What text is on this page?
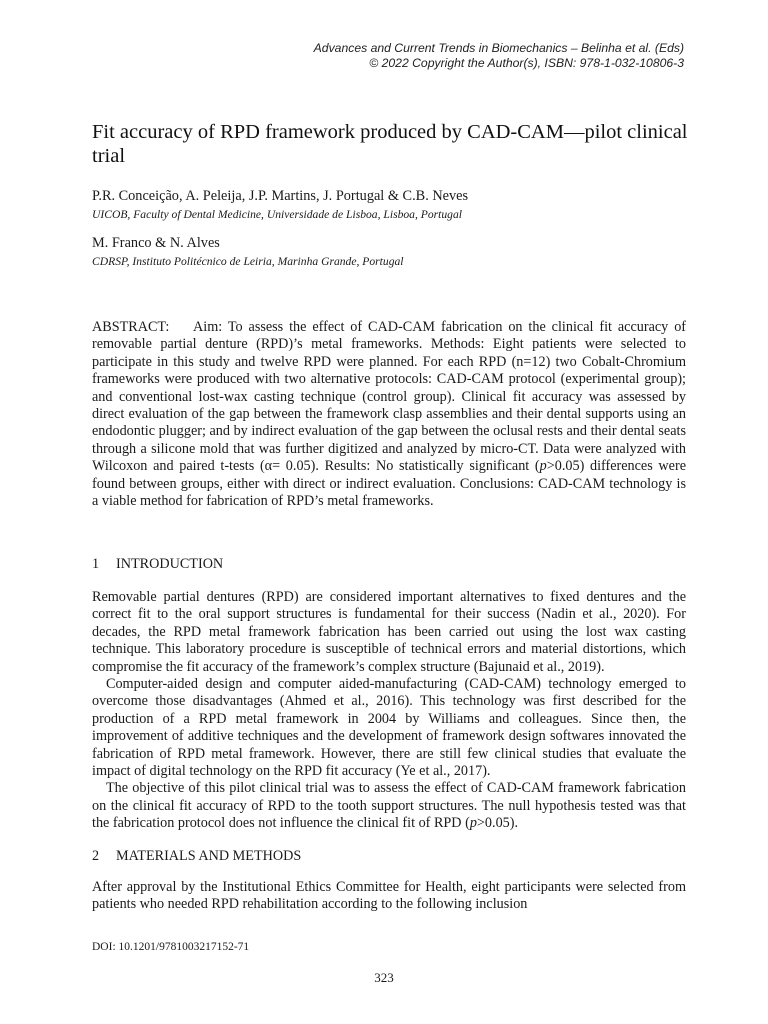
Advances and Current Trends in Biomechanics – Belinha et al. (Eds)
© 2022 Copyright the Author(s), ISBN: 978-1-032-10806-3
Fit accuracy of RPD framework produced by CAD-CAM—pilot clinical trial
P.R. Conceição, A. Peleija, J.P. Martins, J. Portugal & C.B. Neves
UICOB, Faculty of Dental Medicine, Universidade de Lisboa, Lisboa, Portugal
M. Franco & N. Alves
CDRSP, Instituto Politécnico de Leiria, Marinha Grande, Portugal

ABSTRACT: Aim: To assess the effect of CAD-CAM fabrication on the clinical fit accuracy of removable partial denture (RPD)’s metal frameworks. Methods: Eight patients were selected to participate in this study and twelve RPD were planned. For each RPD (n=12) two Cobalt-Chromium frameworks were produced with two alternative protocols: CAD-CAM protocol (experimental group); and conventional lost-wax casting technique (control group). Clinical fit accuracy was assessed by direct evaluation of the gap between the framework clasp assemblies and their dental supports using an endodontic plugger; and by indirect evaluation of the gap between the oclusal rests and their dental seats through a silicone mold that was further digitized and analyzed by micro-CT. Data were analyzed with Wilcoxon and paired t-tests (α= 0.05). Results: No statistically significant (p>0.05) differences were found between groups, either with direct or indirect evaluation. Conclusions: CAD-CAM technology is a viable method for fabrication of RPD’s metal frameworks.

1 INTRODUCTION

Removable partial dentures (RPD) are considered important alternatives to fixed dentures and the correct fit to the oral support structures is fundamental for their success (Nadin et al., 2020). For decades, the RPD metal framework fabrication has been carried out using the lost wax casting technique. This laboratory procedure is susceptible of technical errors and material distortions, which compromise the fit accuracy of the framework’s complex structure (Bajunaid et al., 2019).

Computer-aided design and computer aided-manufacturing (CAD-CAM) technology emerged to overcome those disadvantages (Ahmed et al., 2016). This technology was first described for the production of a RPD metal framework in 2004 by Williams and colleagues. Since then, the improvement of additive techniques and the development of framework design softwares innovated the fabrication of RPD metal framework. However, there are still few clinical studies that evaluate the impact of digital technology on the RPD fit accuracy (Ye et al., 2017).

The objective of this pilot clinical trial was to assess the effect of CAD-CAM framework fabrication on the clinical fit accuracy of RPD to the tooth support structures. The null hypothesis tested was that the fabrication protocol does not influence the clinical fit of RPD (p>0.05).

2 MATERIALS AND METHODS

After approval by the Institutional Ethics Committee for Health, eight participants were selected from patients who needed RPD rehabilitation according to the following inclusion

DOI: 10.1201/9781003217152-71
323
